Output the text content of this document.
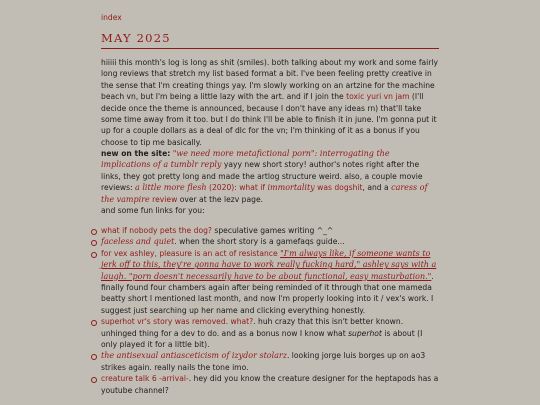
index
MAY 2025

hiiiii this month's log is long as shit (smiles). both talking about my work and some fairly long reviews that stretch my list based format a bit. I've been feeling pretty creative in the sense that I'm creating things yay. I'm slowly working on an artzine for the machine beach vn, but I'm being a little lazy with the art. and if I join the toxic yuri vn jam (I'll decide once the theme is announced, because I don't have any ideas rn) that'll take some time away from it too. but I do think I'll be able to finish it in june. I'm gonna put it up for a couple dollars as a deal of dlc for the vn; I'm thinking of it as a bonus if you choose to tip me basically.

new on the site: "we need more metafictional porn": interrogating the implications of a tumblr reply yayy new short story! author's notes right after the links, they got pretty long and made the artlog structure weird. also, a couple movie reviews: a little more flesh (2020): what if immortality was dogshit, and a caress of the vampire review over at the lezv page.

and some fun links for you:

what if nobody pets the dog? speculative games writing ^_^
faceless and quiet. when the short story is a gamefaqs guide...
for vex ashley, pleasure is an act of resistance "I'm always like, if someone wants to jerk off to this, they're gonna have to work really fucking hard," ashley says with a laugh. "porn doesn't necessarily have to be about functional, easy masturbation.". finally found four chambers again after being reminded of it through that one mameda beatty short I mentioned last month, and now I'm properly looking into it / vex's work. I suggest just searching up her name and clicking everything honestly.
superhot vr's story was removed. what?. huh crazy that this isn't better known. unhinged thing for a dev to do. and as a bonus now I know what superhot is about (I only played it for a little bit).
the antisexual antiasceticism of izydor stolarz. looking jorge luis borges up on ao3 strikes again. really nails the tone imo.
creature talk 6 -arrival-. hey did you know the creature designer for the heptapods has a youtube channel?
